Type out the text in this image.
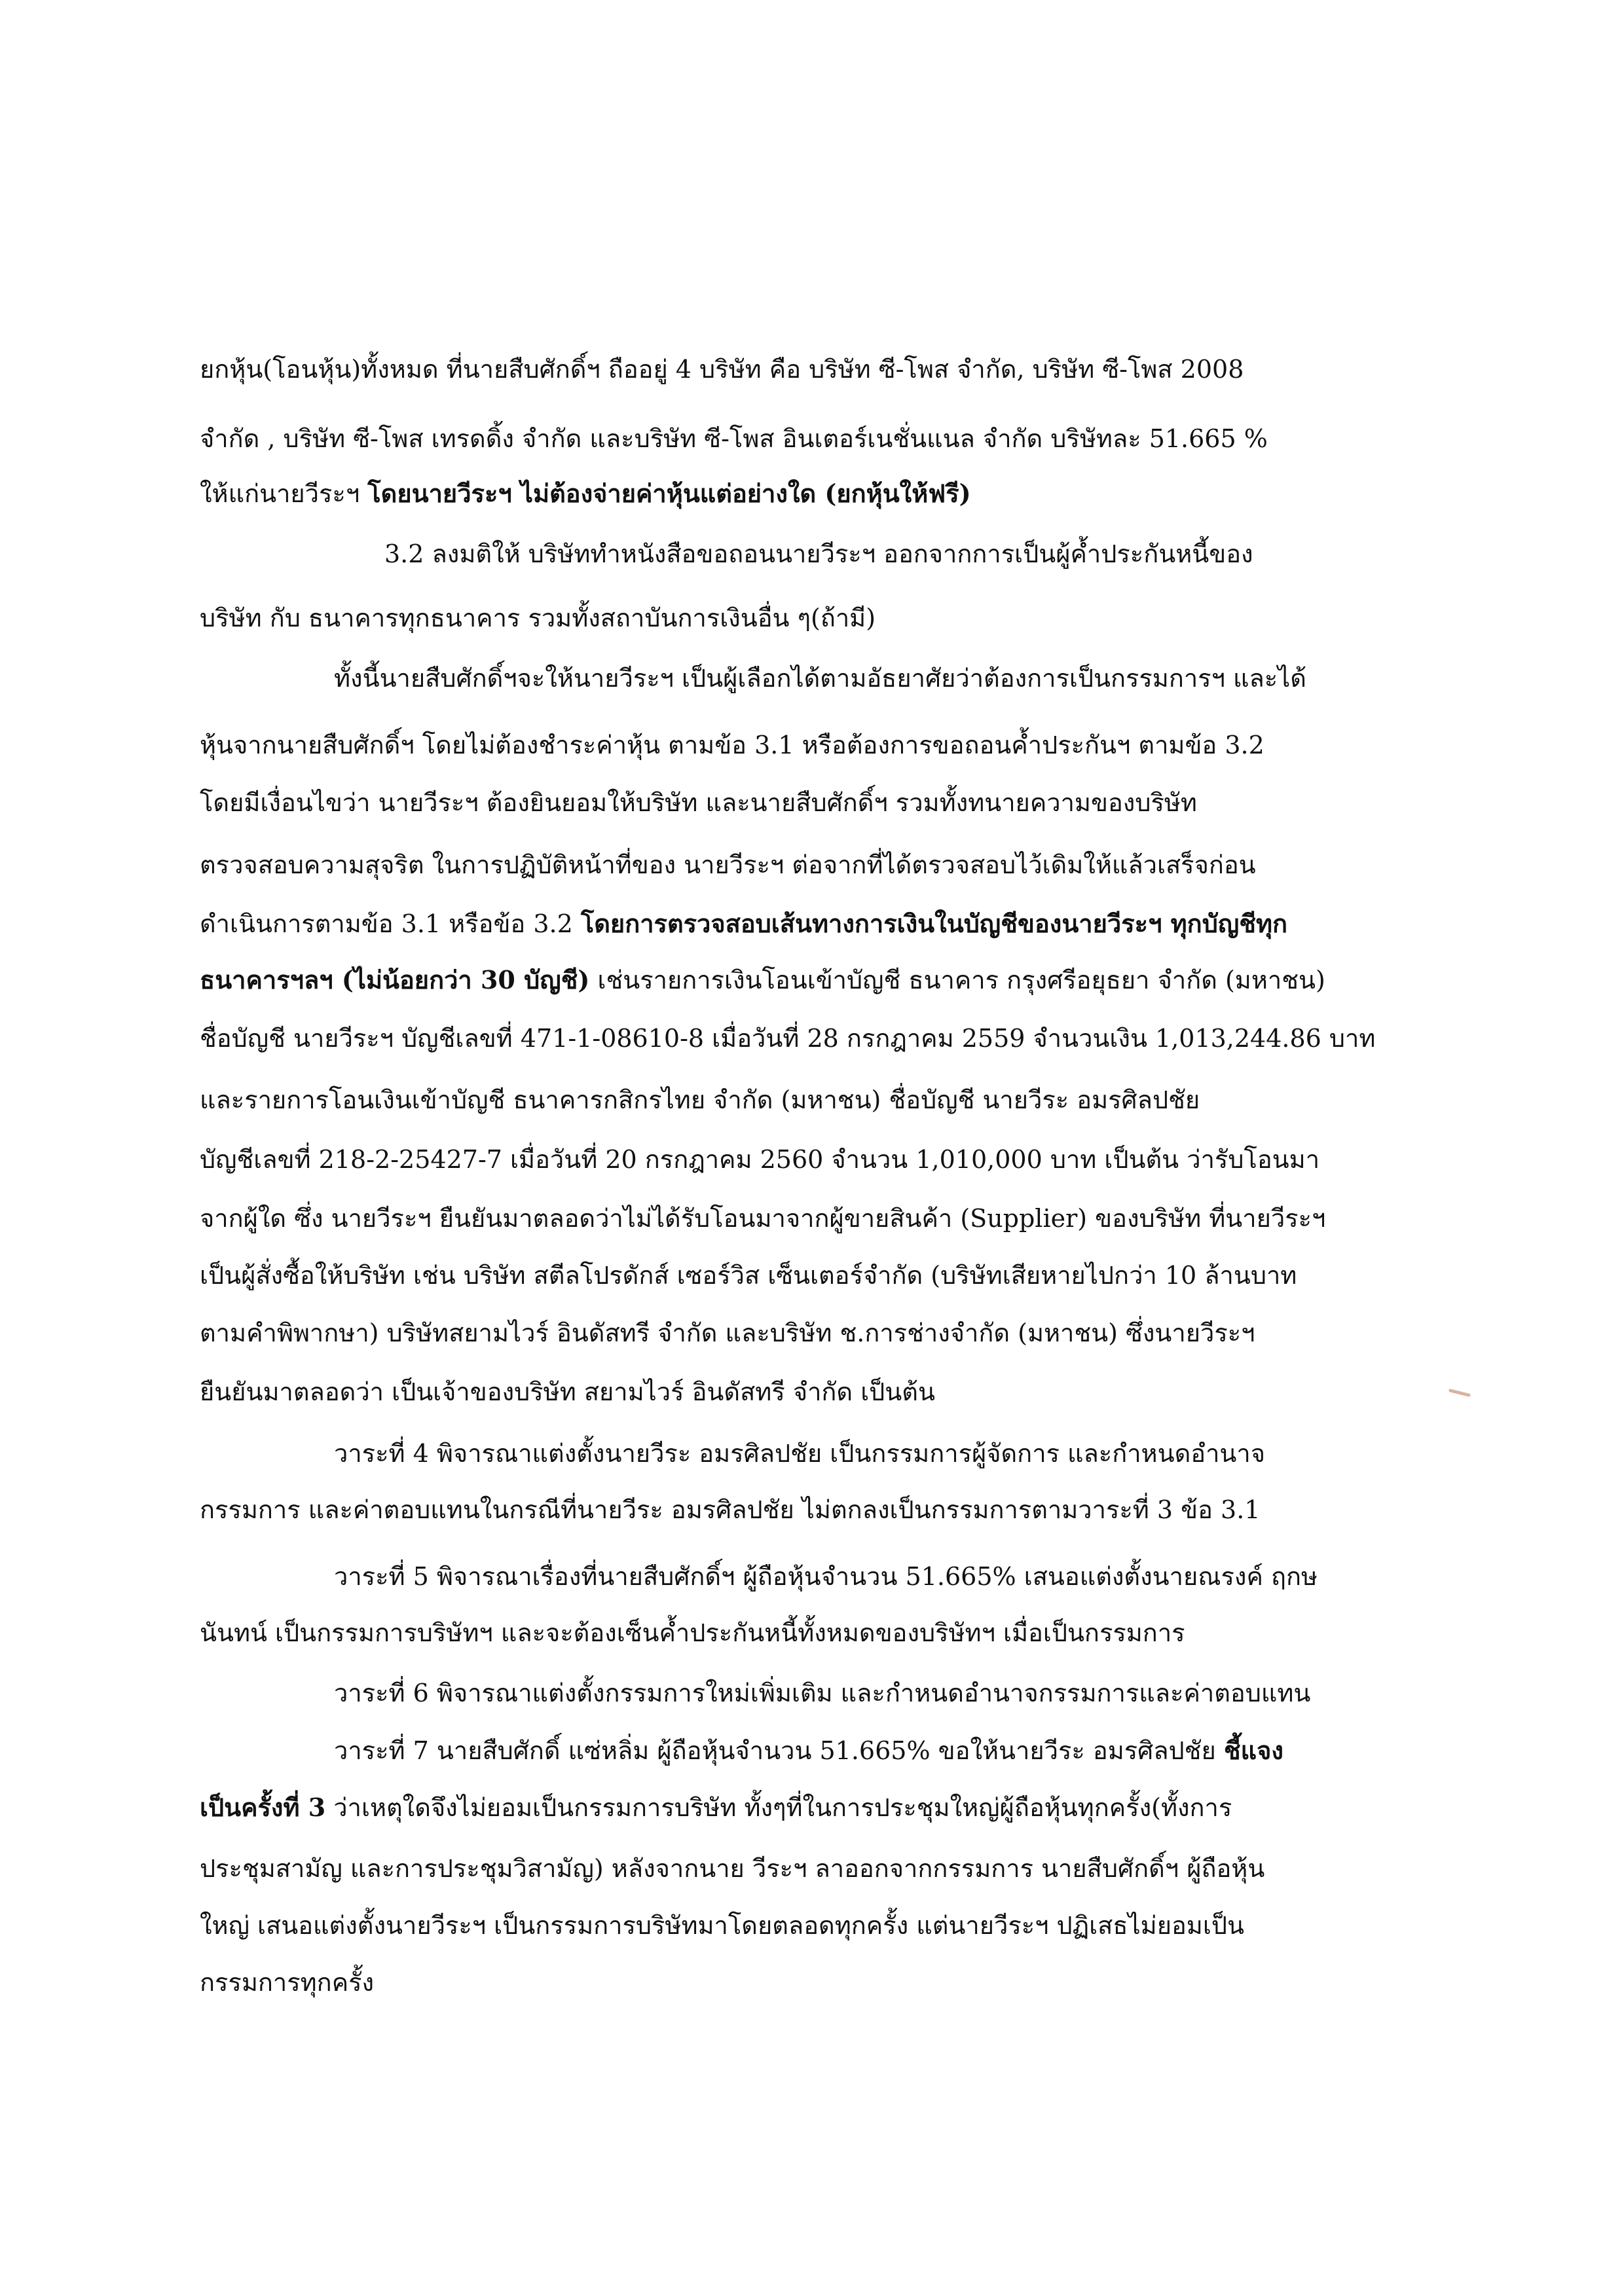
ยกหุ้น(โอนหุ้น)ทั้งหมด ที่นายสืบศักดิ์ฯ ถืออยู่ 4 บริษัท คือ บริษัท ซี-โพส จำกัด, บริษัท ซี-โพส 2008
จำกัด , บริษัท ซี-โพส เทรดดิ้ง จำกัด และบริษัท ซี-โพส อินเตอร์เนชั่นแนล จำกัด บริษัทละ 51.665 %
ให้แก่นายวีระฯ โดยนายวีระฯ ไม่ต้องจ่ายค่าหุ้นแต่อย่างใด (ยกหุ้นให้ฟรี)
3.2 ลงมติให้ บริษัททำหนังสือขอถอนนายวีระฯ ออกจากการเป็นผู้ค้ำประกันหนี้ของ
บริษัท กับ ธนาคารทุกธนาคาร รวมทั้งสถาบันการเงินอื่น ๆ(ถ้ามี)
ทั้งนี้นายสืบศักดิ์ฯจะให้นายวีระฯ เป็นผู้เลือกได้ตามอัธยาศัยว่าต้องการเป็นกรรมการฯ และได้
หุ้นจากนายสืบศักดิ์ฯ โดยไม่ต้องชำระค่าหุ้น ตามข้อ 3.1 หรือต้องการขอถอนค้ำประกันฯ ตามข้อ 3.2
โดยมีเงื่อนไขว่า นายวีระฯ ต้องยินยอมให้บริษัท และนายสืบศักดิ์ฯ รวมทั้งทนายความของบริษัท
ตรวจสอบความสุจริต ในการปฏิบัติหน้าที่ของ นายวีระฯ ต่อจากที่ได้ตรวจสอบไว้เดิมให้แล้วเสร็จก่อน
ดำเนินการตามข้อ 3.1 หรือข้อ 3.2 โดยการตรวจสอบเส้นทางการเงินในบัญชีของนายวีระฯ ทุกบัญชีทุก
ธนาคารฯลฯ (ไม่น้อยกว่า 30 บัญชี) เช่นรายการเงินโอนเข้าบัญชี ธนาคาร กรุงศรีอยุธยา จำกัด (มหาชน)
ชื่อบัญชี นายวีระฯ บัญชีเลขที่ 471-1-08610-8 เมื่อวันที่ 28 กรกฎาคม 2559 จำนวนเงิน 1,013,244.86 บาท
และรายการโอนเงินเข้าบัญชี ธนาคารกสิกรไทย จำกัด (มหาชน) ชื่อบัญชี นายวีระ อมรศิลปชัย
บัญชีเลขที่ 218-2-25427-7 เมื่อวันที่ 20 กรกฎาคม 2560 จำนวน 1,010,000 บาท เป็นต้น ว่ารับโอนมา
จากผู้ใด ซึ่ง นายวีระฯ ยืนยันมาตลอดว่าไม่ได้รับโอนมาจากผู้ขายสินค้า (Supplier) ของบริษัท ที่นายวีระฯ
เป็นผู้สั่งซื้อให้บริษัท เช่น บริษัท สตีลโปรดักส์ เซอร์วิส เซ็นเตอร์จำกัด (บริษัทเสียหายไปกว่า 10 ล้านบาท
ตามคำพิพากษา) บริษัทสยามไวร์ อินดัสทรี จำกัด และบริษัท ช.การช่างจำกัด (มหาชน) ซึ่งนายวีระฯ
ยืนยันมาตลอดว่า เป็นเจ้าของบริษัท สยามไวร์ อินดัสทรี จำกัด เป็นต้น
วาระที่ 4 พิจารณาแต่งตั้งนายวีระ อมรศิลปชัย เป็นกรรมการผู้จัดการ และกำหนดอำนาจ
กรรมการ และค่าตอบแทนในกรณีที่นายวีระ อมรศิลปชัย ไม่ตกลงเป็นกรรมการตามวาระที่ 3 ข้อ 3.1
วาระที่ 5 พิจารณาเรื่องที่นายสืบศักดิ์ฯ ผู้ถือหุ้นจำนวน 51.665% เสนอแต่งตั้งนายณรงค์ ฤกษ
นันทน์ เป็นกรรมการบริษัทฯ และจะต้องเซ็นค้ำประกันหนี้ทั้งหมดของบริษัทฯ เมื่อเป็นกรรมการ
วาระที่ 6 พิจารณาแต่งตั้งกรรมการใหม่เพิ่มเติม และกำหนดอำนาจกรรมการและค่าตอบแทน
วาระที่ 7 นายสืบศักดิ์ แซ่หลิ่ม ผู้ถือหุ้นจำนวน 51.665% ขอให้นายวีระ อมรศิลปชัย ชี้แจง
เป็นครั้งที่ 3 ว่าเหตุใดจึงไม่ยอมเป็นกรรมการบริษัท ทั้งๆที่ในการประชุมใหญ่ผู้ถือหุ้นทุกครั้ง(ทั้งการ
ประชุมสามัญ และการประชุมวิสามัญ) หลังจากนาย วีระฯ ลาออกจากกรรมการ นายสืบศักดิ์ฯ ผู้ถือหุ้น
ใหญ่ เสนอแต่งตั้งนายวีระฯ เป็นกรรมการบริษัทมาโดยตลอดทุกครั้ง แต่นายวีระฯ ปฏิเสธไม่ยอมเป็น
กรรมการทุกครั้ง
